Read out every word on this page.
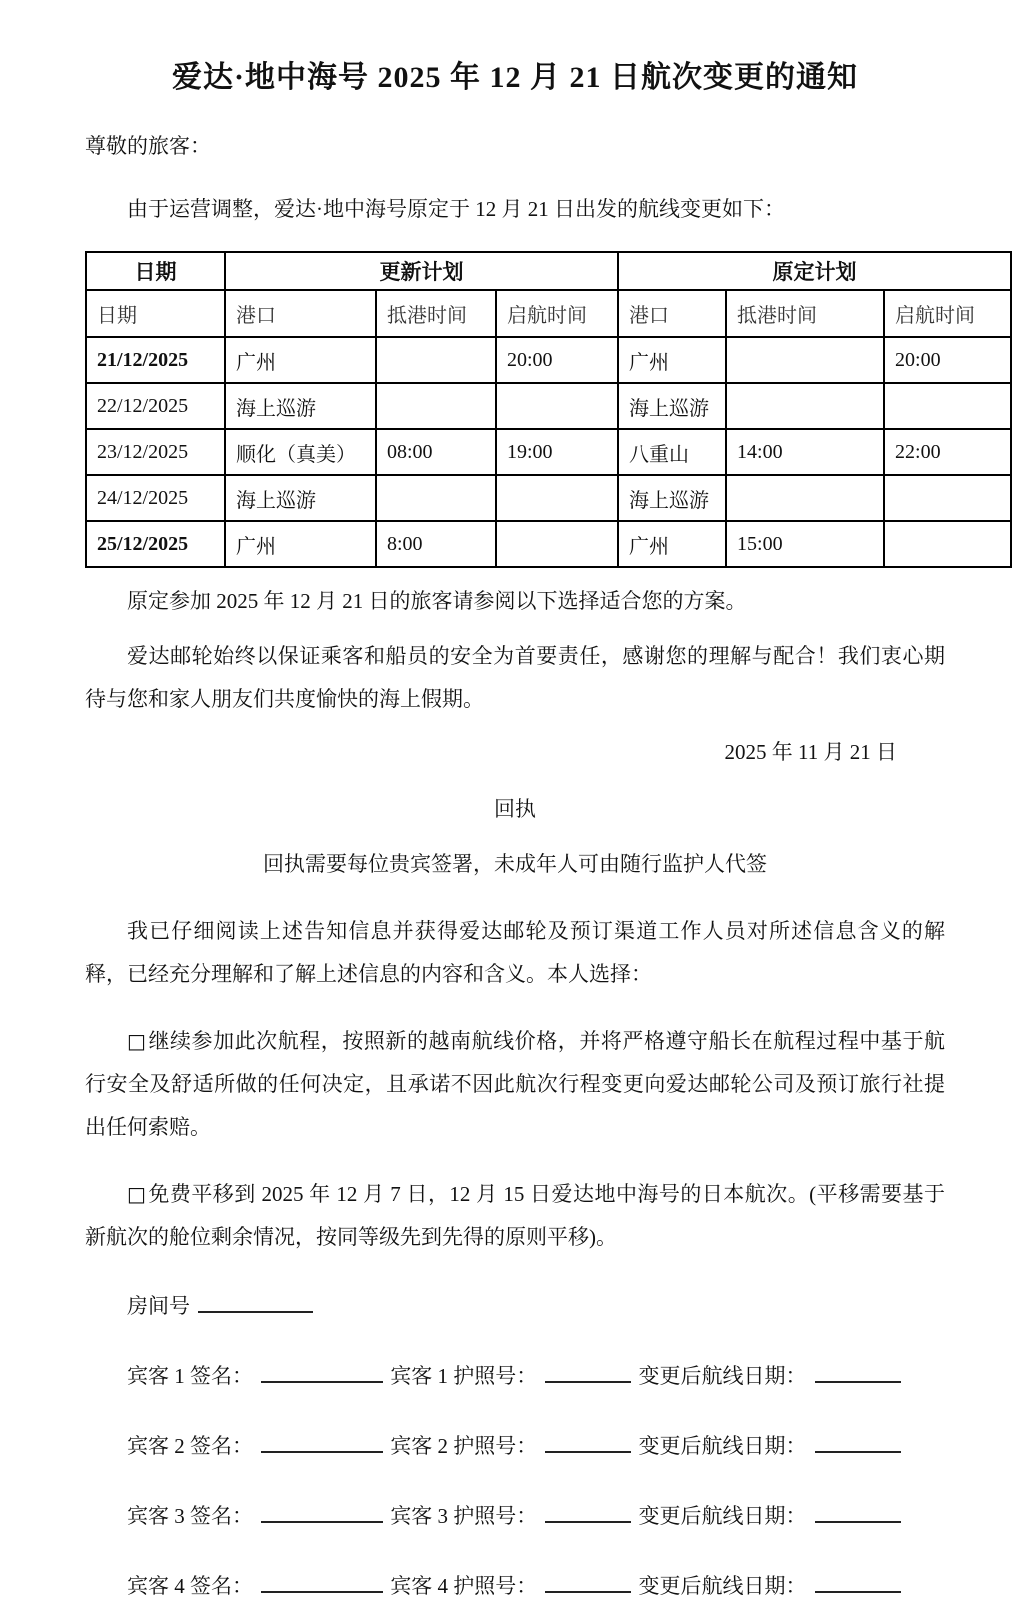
爱达·地中海号 2025 年 12 月 21 日航次变更的通知

尊敬的旅客：

由于运营调整，爱达·地中海号原定于 12 月 21 日出发的航线变更如下：

日期	更新计划			原定计划		
日期	港口	抵港时间	启航时间	港口	抵港时间	启航时间
21/12/2025	广州		20:00	广州		20:00
22/12/2025	海上巡游			海上巡游		
23/12/2025	顺化（真美）	08:00	19:00	八重山	14:00	22:00
24/12/2025	海上巡游			海上巡游		
25/12/2025	广州	8:00		广州	15:00	

原定参加 2025 年 12 月 21 日的旅客请参阅以下选择适合您的方案。

爱达邮轮始终以保证乘客和船员的安全为首要责任，感谢您的理解与配合！我们衷心期待与您和家人朋友们共度愉快的海上假期。

2025 年 11 月 21 日
回执
回执需要每位贵宾签署，未成年人可由随行监护人代签

我已仔细阅读上述告知信息并获得爱达邮轮及预订渠道工作人员对所述信息含义的解释，已经充分理解和了解上述信息的内容和含义。本人选择：

□继续参加此次航程，按照新的越南航线价格，并将严格遵守船长在航程过程中基于航行安全及舒适所做的任何决定，且承诺不因此航次行程变更向爱达邮轮公司及预订旅行社提出任何索赔。

□免费平移到 2025 年 12 月 7 日，12 月 15 日爱达地中海号的日本航次。(平移需要基于新航次的舱位剩余情况，按同等级先到先得的原则平移)。

房间号
宾客 1 签名：	宾客 1 护照号：	变更后航线日期：
宾客 2 签名：	宾客 2 护照号：	变更后航线日期：
宾客 3 签名：	宾客 3 护照号：	变更后航线日期：
宾客 4 签名：	宾客 4 护照号：	变更后航线日期：
